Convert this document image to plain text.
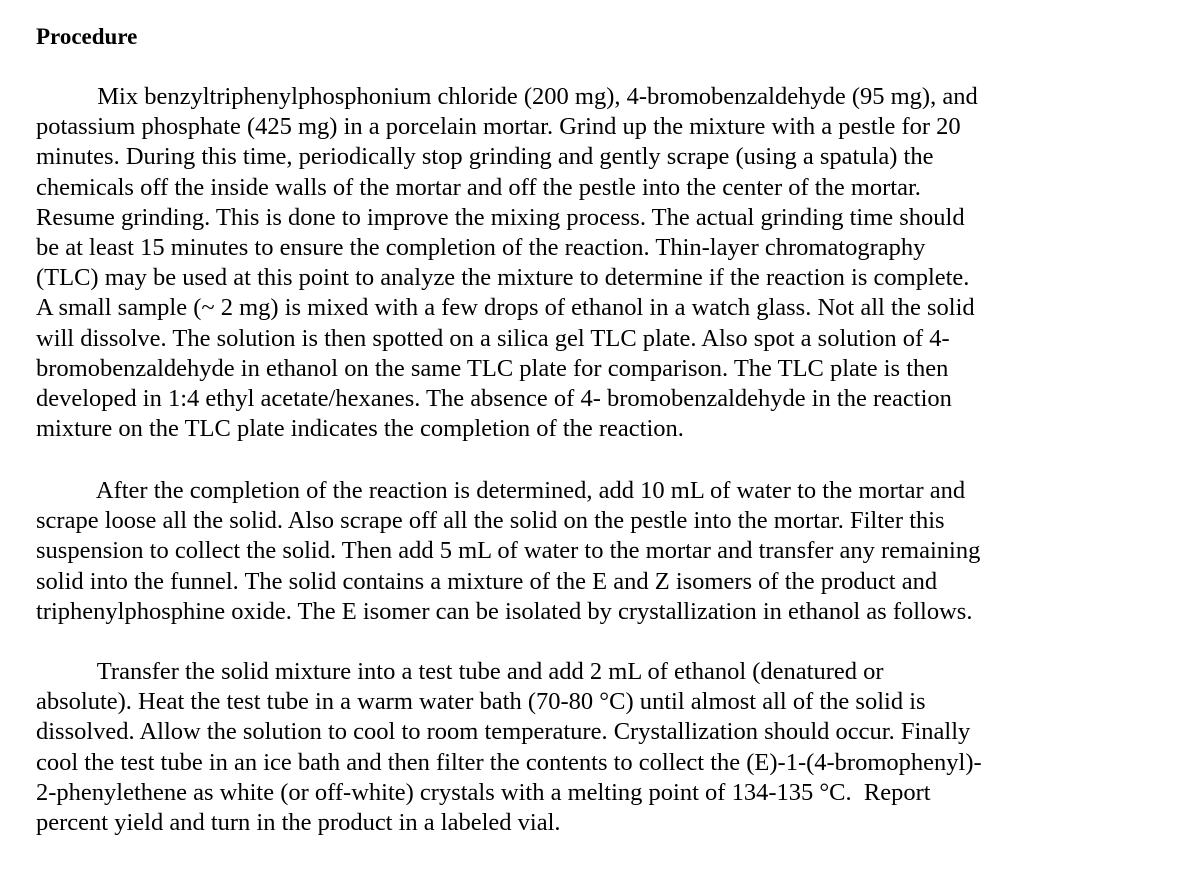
Procedure
Mix benzyltriphenylphosphonium chloride (200 mg), 4-bromobenzaldehyde (95 mg), and
potassium phosphate (425 mg) in a porcelain mortar. Grind up the mixture with a pestle for 20
minutes. During this time, periodically stop grinding and gently scrape (using a spatula) the
chemicals off the inside walls of the mortar and off the pestle into the center of the mortar.
Resume grinding. This is done to improve the mixing process. The actual grinding time should
be at least 15 minutes to ensure the completion of the reaction. Thin-layer chromatography
(TLC) may be used at this point to analyze the mixture to determine if the reaction is complete.
A small sample (~ 2 mg) is mixed with a few drops of ethanol in a watch glass. Not all the solid
will dissolve. The solution is then spotted on a silica gel TLC plate. Also spot a solution of 4-
bromobenzaldehyde in ethanol on the same TLC plate for comparison. The TLC plate is then
developed in 1:4 ethyl acetate/hexanes. The absence of 4- bromobenzaldehyde in the reaction
mixture on the TLC plate indicates the completion of the reaction.
After the completion of the reaction is determined, add 10 mL of water to the mortar and
scrape loose all the solid. Also scrape off all the solid on the pestle into the mortar. Filter this
suspension to collect the solid. Then add 5 mL of water to the mortar and transfer any remaining
solid into the funnel. The solid contains a mixture of the E and Z isomers of the product and
triphenylphosphine oxide. The E isomer can be isolated by crystallization in ethanol as follows.
Transfer the solid mixture into a test tube and add 2 mL of ethanol (denatured or
absolute). Heat the test tube in a warm water bath (70-80 °C) until almost all of the solid is
dissolved. Allow the solution to cool to room temperature. Crystallization should occur. Finally
cool the test tube in an ice bath and then filter the contents to collect the (E)-1-(4-bromophenyl)-
2-phenylethene as white (or off-white) crystals with a melting point of 134-135 °C.  Report
percent yield and turn in the product in a labeled vial.
